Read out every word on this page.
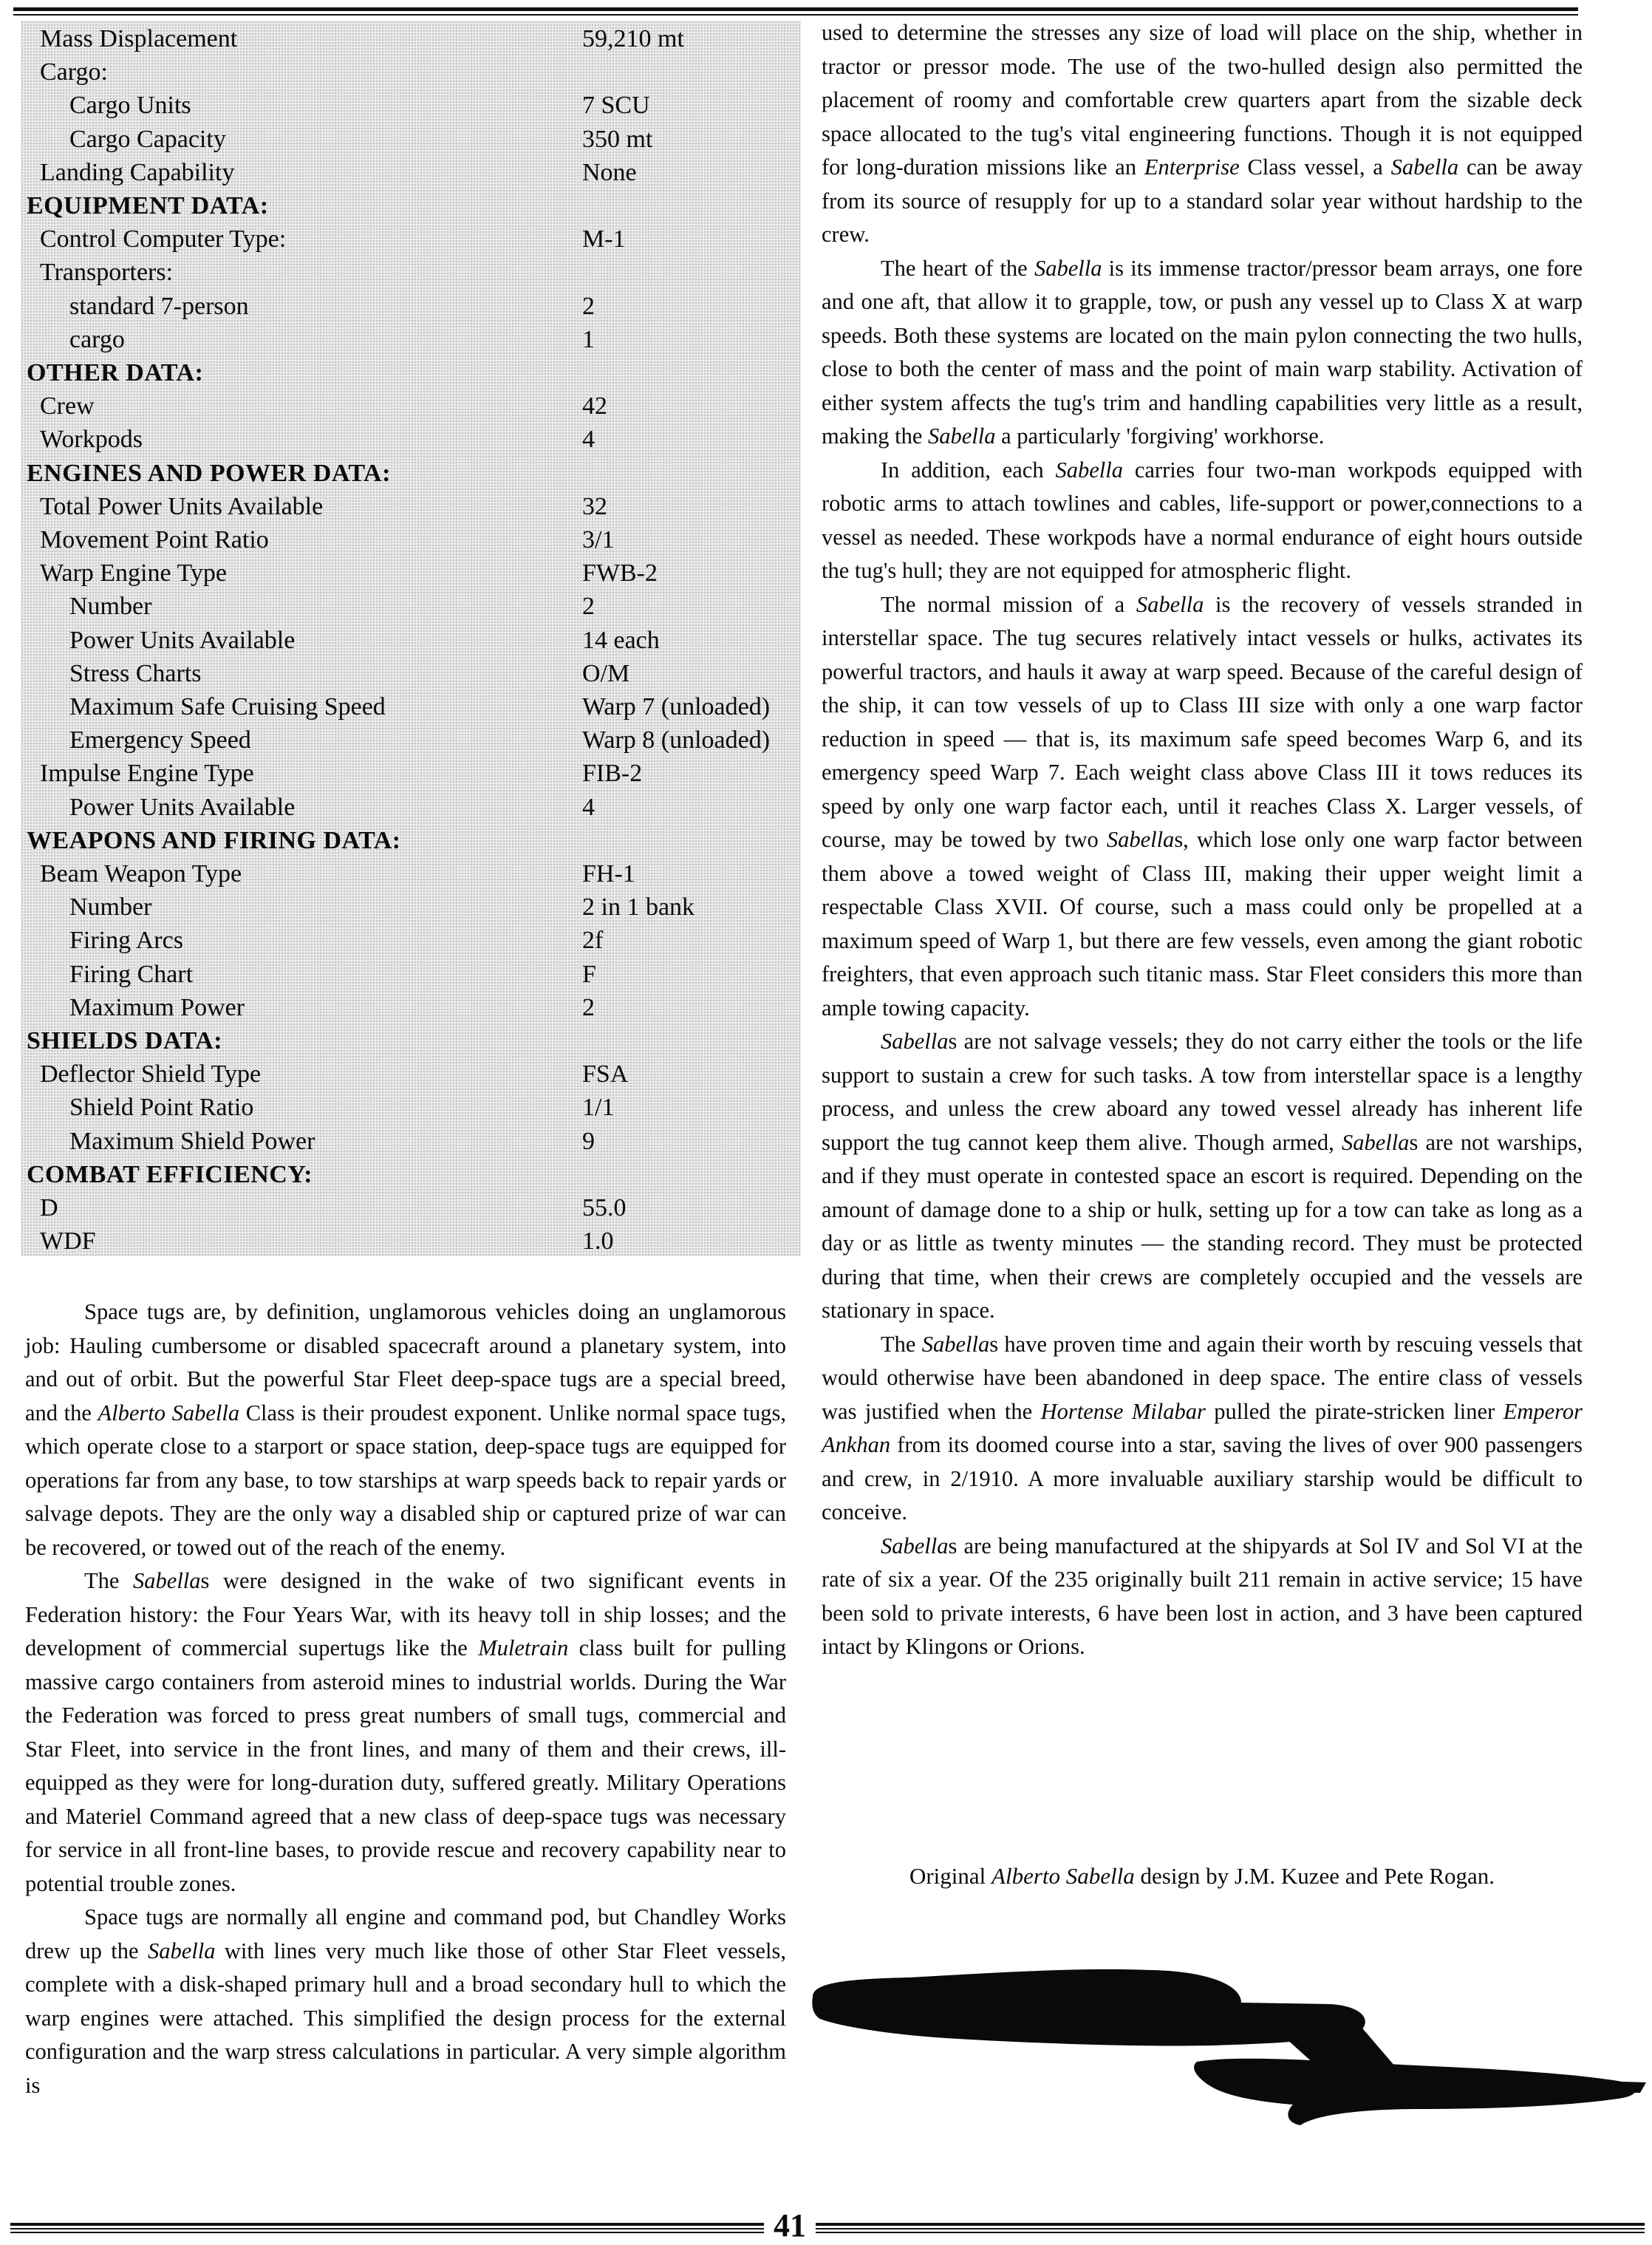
Mass Displacement	59,210 mt
Cargo:
Cargo Units	7 SCU
Cargo Capacity	350 mt
Landing Capability	None
EQUIPMENT DATA:
Control Computer Type:	M-1
Transporters:
standard 7-person	2
cargo	1
OTHER DATA:
Crew	42
Workpods	4
ENGINES AND POWER DATA:
Total Power Units Available	32
Movement Point Ratio	3/1
Warp Engine Type	FWB-2
Number	2
Power Units Available	14 each
Stress Charts	O/M
Maximum Safe Cruising Speed	Warp 7 (unloaded)
Emergency Speed	Warp 8 (unloaded)
Impulse Engine Type	FIB-2
Power Units Available	4
WEAPONS AND FIRING DATA:
Beam Weapon Type	FH-1
Number	2 in 1 bank
Firing Arcs	2f
Firing Chart	F
Maximum Power	2
SHIELDS DATA:
Deflector Shield Type	FSA
Shield Point Ratio	1/1
Maximum Shield Power	9
COMBAT EFFICIENCY:
D	55.0
WDF	1.0

Space tugs are, by definition, unglamorous vehicles doing an unglamorous job: Hauling cumbersome or disabled spacecraft around a planetary system, into and out of orbit. But the powerful Star Fleet deep-space tugs are a special breed, and the Alberto Sabella Class is their proudest exponent. Unlike normal space tugs, which operate close to a starport or space station, deep-space tugs are equipped for operations far from any base, to tow starships at warp speeds back to repair yards or salvage depots. They are the only way a disabled ship or captured prize of war can be recovered, or towed out of the reach of the enemy.

The Sabellas were designed in the wake of two significant events in Federation history: the Four Years War, with its heavy toll in ship losses; and the development of commercial supertugs like the Muletrain class built for pulling massive cargo containers from asteroid mines to industrial worlds. During the War the Federation was forced to press great numbers of small tugs, commercial and Star Fleet, into service in the front lines, and many of them and their crews, ill-equipped as they were for long-duration duty, suffered greatly. Military Operations and Materiel Command agreed that a new class of deep-space tugs was necessary for service in all front-line bases, to provide rescue and recovery capability near to potential trouble zones.

Space tugs are normally all engine and command pod, but Chandley Works drew up the Sabella with lines very much like those of other Star Fleet vessels, complete with a disk-shaped primary hull and a broad secondary hull to which the warp engines were attached. This simplified the design process for the external configuration and the warp stress calculations in particular. A very simple algorithm is

used to determine the stresses any size of load will place on the ship, whether in tractor or pressor mode. The use of the two-hulled design also permitted the placement of roomy and comfortable crew quarters apart from the sizable deck space allocated to the tug's vital engineering functions. Though it is not equipped for long-duration missions like an Enterprise Class vessel, a Sabella can be away from its source of resupply for up to a standard solar year without hardship to the crew.

The heart of the Sabella is its immense tractor/pressor beam arrays, one fore and one aft, that allow it to grapple, tow, or push any vessel up to Class X at warp speeds. Both these systems are located on the main pylon connecting the two hulls, close to both the center of mass and the point of main warp stability. Activation of either system affects the tug's trim and handling capabilities very little as a result, making the Sabella a particularly 'forgiving' workhorse.

In addition, each Sabella carries four two-man workpods equipped with robotic arms to attach towlines and cables, life-support or power,connections to a vessel as needed. These workpods have a normal endurance of eight hours outside the tug's hull; they are not equipped for atmospheric flight.

The normal mission of a Sabella is the recovery of vessels stranded in interstellar space. The tug secures relatively intact vessels or hulks, activates its powerful tractors, and hauls it away at warp speed. Because of the careful design of the ship, it can tow vessels of up to Class III size with only a one warp factor reduction in speed — that is, its maximum safe speed becomes Warp 6, and its emergency speed Warp 7. Each weight class above Class III it tows reduces its speed by only one warp factor each, until it reaches Class X. Larger vessels, of course, may be towed by two Sabellas, which lose only one warp factor between them above a towed weight of Class III, making their upper weight limit a respectable Class XVII. Of course, such a mass could only be propelled at a maximum speed of Warp 1, but there are few vessels, even among the giant robotic freighters, that even approach such titanic mass. Star Fleet considers this more than ample towing capacity.

Sabellas are not salvage vessels; they do not carry either the tools or the life support to sustain a crew for such tasks. A tow from interstellar space is a lengthy process, and unless the crew aboard any towed vessel already has inherent life support the tug cannot keep them alive. Though armed, Sabellas are not warships, and if they must operate in contested space an escort is required. Depending on the amount of damage done to a ship or hulk, setting up for a tow can take as long as a day or as little as twenty minutes — the standing record. They must be protected during that time, when their crews are completely occupied and the vessels are stationary in space.

The Sabellas have proven time and again their worth by rescuing vessels that would otherwise have been abandoned in deep space. The entire class of vessels was justified when the Hortense Milabar pulled the pirate-stricken liner Emperor Ankhan from its doomed course into a star, saving the lives of over 900 passengers and crew, in 2/1910. A more invaluable auxiliary starship would be difficult to conceive.

Sabellas are being manufactured at the shipyards at Sol IV and Sol VI at the rate of six a year. Of the 235 originally built 211 remain in active service; 15 have been sold to private interests, 6 have been lost in action, and 3 have been captured intact by Klingons or Orions.

Original Alberto Sabella design by J.M. Kuzee and Pete Rogan.
41
